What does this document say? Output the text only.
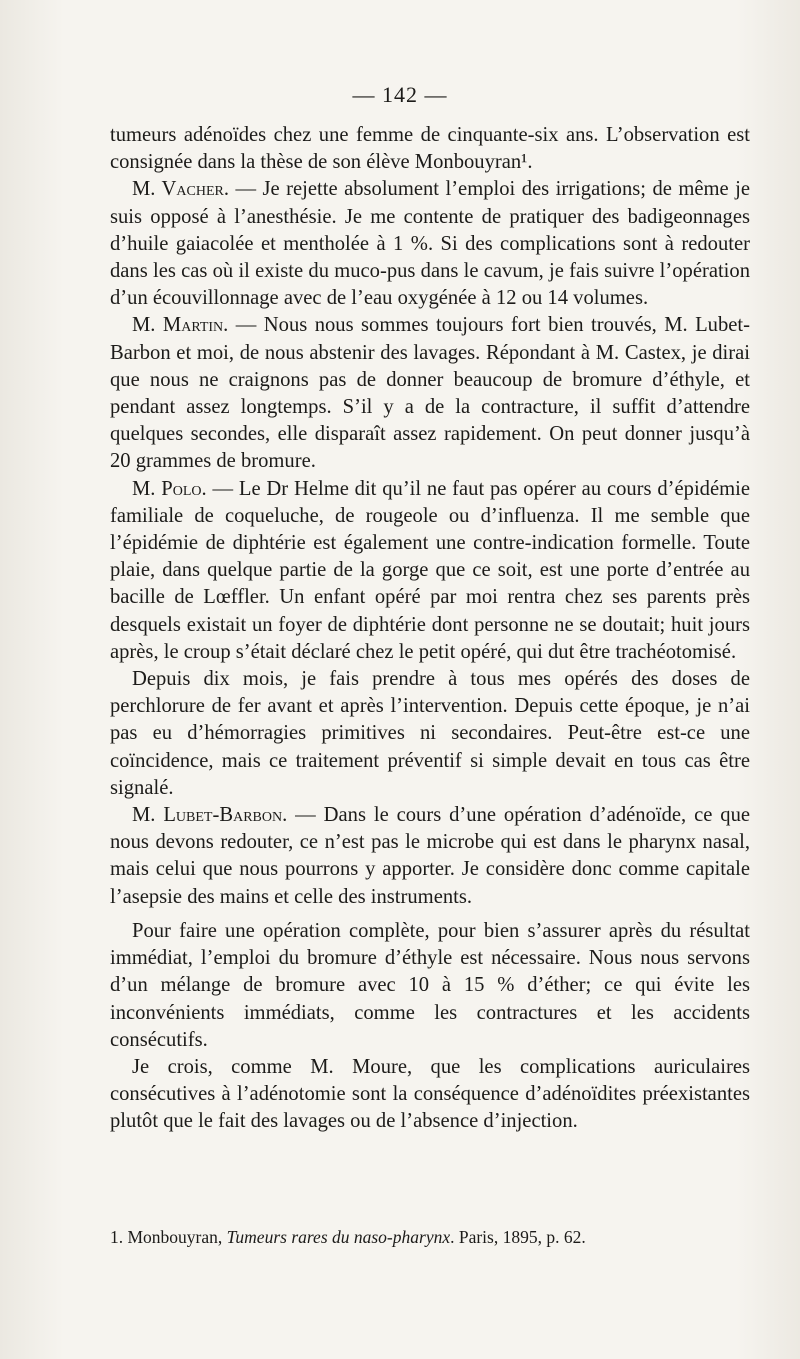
— 142 —

tumeurs adénoïdes chez une femme de cinquante-six ans. L’observation est consignée dans la thèse de son élève Monbouyran¹.

M. Vacher. — Je rejette absolument l’emploi des irrigations; de même je suis opposé à l’anesthésie. Je me contente de pratiquer des badigeonnages d’huile gaiacolée et mentholée à 1 %. Si des complications sont à redouter dans les cas où il existe du muco-pus dans le cavum, je fais suivre l’opération d’un écouvillonnage avec de l’eau oxygénée à 12 ou 14 volumes.

M. Martin. — Nous nous sommes toujours fort bien trouvés, M. Lubet-Barbon et moi, de nous abstenir des lavages. Répondant à M. Castex, je dirai que nous ne craignons pas de donner beaucoup de bromure d’éthyle, et pendant assez longtemps. S’il y a de la contracture, il suffit d’attendre quelques secondes, elle disparaît assez rapidement. On peut donner jusqu’à 20 grammes de bromure.

M. Polo. — Le Dr Helme dit qu’il ne faut pas opérer au cours d’épidémie familiale de coqueluche, de rougeole ou d’influenza. Il me semble que l’épidémie de diphtérie est également une contre-indication formelle. Toute plaie, dans quelque partie de la gorge que ce soit, est une porte d’entrée au bacille de Lœffler. Un enfant opéré par moi rentra chez ses parents près desquels existait un foyer de diphtérie dont personne ne se doutait; huit jours après, le croup s’était déclaré chez le petit opéré, qui dut être trachéotomisé.

Depuis dix mois, je fais prendre à tous mes opérés des doses de perchlorure de fer avant et après l’intervention. Depuis cette époque, je n’ai pas eu d’hémorragies primitives ni secondaires. Peut-être est-ce une coïncidence, mais ce traitement préventif si simple devait en tous cas être signalé.

M. Lubet-Barbon. — Dans le cours d’une opération d’adénoïde, ce que nous devons redouter, ce n’est pas le microbe qui est dans le pharynx nasal, mais celui que nous pourrons y apporter. Je considère donc comme capitale l’asepsie des mains et celle des instruments.

Pour faire une opération complète, pour bien s’assurer après du résultat immédiat, l’emploi du bromure d’éthyle est nécessaire. Nous nous servons d’un mélange de bromure avec 10 à 15 % d’éther; ce qui évite les inconvénients immédiats, comme les contractures et les accidents consécutifs.

Je crois, comme M. Moure, que les complications auriculaires consécutives à l’adénotomie sont la conséquence d’adénoïdites préexistantes plutôt que le fait des lavages ou de l’absence d’injection.

1. Monbouyran, Tumeurs rares du naso-pharynx. Paris, 1895, p. 62.
